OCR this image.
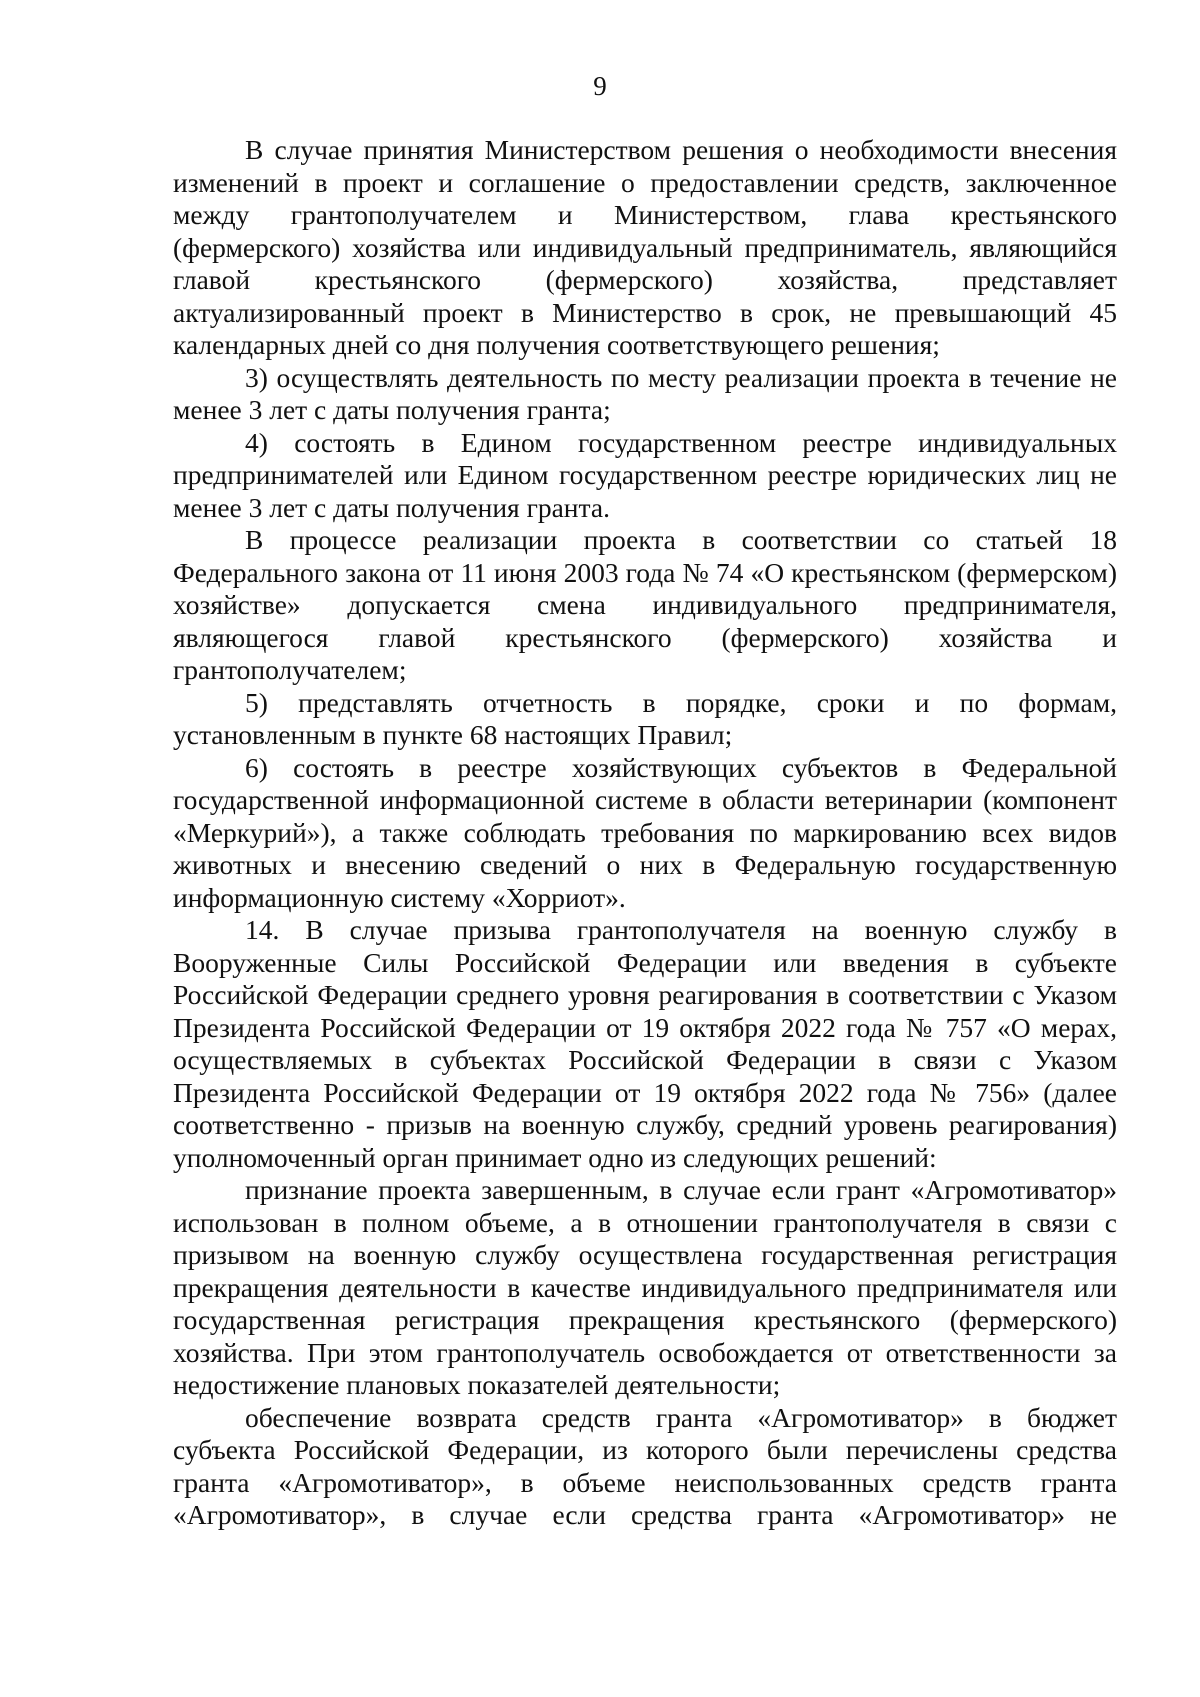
9

В случае принятия Министерством решения о необходимости внесения изменений в проект и соглашение о предоставлении средств, заключенное между грантополучателем и Министерством, глава крестьянского (фермерского) хозяйства или индивидуальный предприниматель, являющийся главой крестьянского (фермерского) хозяйства, представляет актуализированный проект в Министерство в срок, не превышающий 45 календарных дней со дня получения соответствующего решения;

3) осуществлять деятельность по месту реализации проекта в течение не менее 3 лет с даты получения гранта;

4) состоять в Едином государственном реестре индивидуальных предпринимателей или Едином государственном реестре юридических лиц не менее 3 лет с даты получения гранта.

В процессе реализации проекта в соответствии со статьей 18 Федерального закона от 11 июня 2003 года № 74 «О крестьянском (фермерском) хозяйстве» допускается смена индивидуального предпринимателя, являющегося главой крестьянского (фермерского) хозяйства и грантополучателем;

5) представлять отчетность в порядке, сроки и по формам, установленным в пункте 68 настоящих Правил;

6) состоять в реестре хозяйствующих субъектов в Федеральной государственной информационной системе в области ветеринарии (компонент «Меркурий»), а также соблюдать требования по маркированию всех видов животных и внесению сведений о них в Федеральную государственную информационную систему «Хорриот».

14. В случае призыва грантополучателя на военную службу в Вооруженные Силы Российской Федерации или введения в субъекте Российской Федерации среднего уровня реагирования в соответствии с Указом Президента Российской Федерации от 19 октября 2022 года № 757 «О мерах, осуществляемых в субъектах Российской Федерации в связи с Указом Президента Российской Федерации от 19 октября 2022 года № 756» (далее соответственно - призыв на военную службу, средний уровень реагирования) уполномоченный орган принимает одно из следующих решений:

признание проекта завершенным, в случае если грант «Агромотиватор» использован в полном объеме, а в отношении грантополучателя в связи с призывом на военную службу осуществлена государственная регистрация прекращения деятельности в качестве индивидуального предпринимателя или государственная регистрация прекращения крестьянского (фермерского) хозяйства. При этом грантополучатель освобождается от ответственности за недостижение плановых показателей деятельности;

обеспечение возврата средств гранта «Агромотиватор» в бюджет субъекта Российской Федерации, из которого были перечислены средства гранта «Агромотиватор», в объеме неиспользованных средств гранта «Агромотиватор», в случае если средства гранта «Агромотиватор» не
